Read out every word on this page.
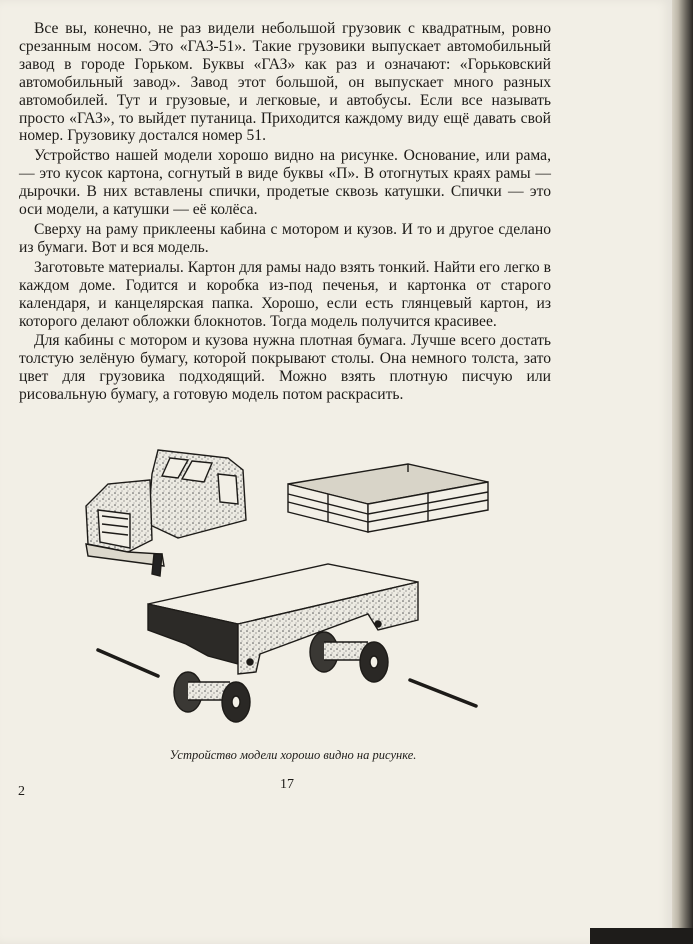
Все вы, конечно, не раз видели небольшой грузовик с квадратным, ровно срезанным носом. Это «ГАЗ-51». Такие грузовики выпускает автомобильный завод в городе Горьком. Буквы «ГАЗ» как раз и означают: «Горьковский автомобильный завод». Завод этот большой, он выпускает много разных автомобилей. Тут и грузовые, и легковые, и автобусы. Если все называть просто «ГАЗ», то выйдет путаница. Приходится каждому виду ещё давать свой номер. Грузовику достался номер 51.

Устройство нашей модели хорошо видно на рисунке. Основание, или рама, — это кусок картона, согнутый в виде буквы «П». В отогнутых краях рамы — дырочки. В них вставлены спички, продетые сквозь катушки. Спички — это оси модели, а катушки — её колёса.

Сверху на раму приклеены кабина с мотором и кузов. И то и другое сделано из бумаги. Вот и вся модель.

Заготовьте материалы. Картон для рамы надо взять тонкий. Найти его легко в каждом доме. Годится и коробка из-под печенья, и картонка от старого календаря, и канцелярская папка. Хорошо, если есть глянцевый картон, из которого делают обложки блокнотов. Тогда модель получится красивее.

Для кабины с мотором и кузова нужна плотная бумага. Лучше всего достать толстую зелёную бумагу, которой покрывают столы. Она немного толста, зато цвет для грузовика подходящий. Можно взять плотную писчую или рисовальную бумагу, а готовую модель потом раскрасить.

Устройство модели хорошо видно на рисунке.
2	17
